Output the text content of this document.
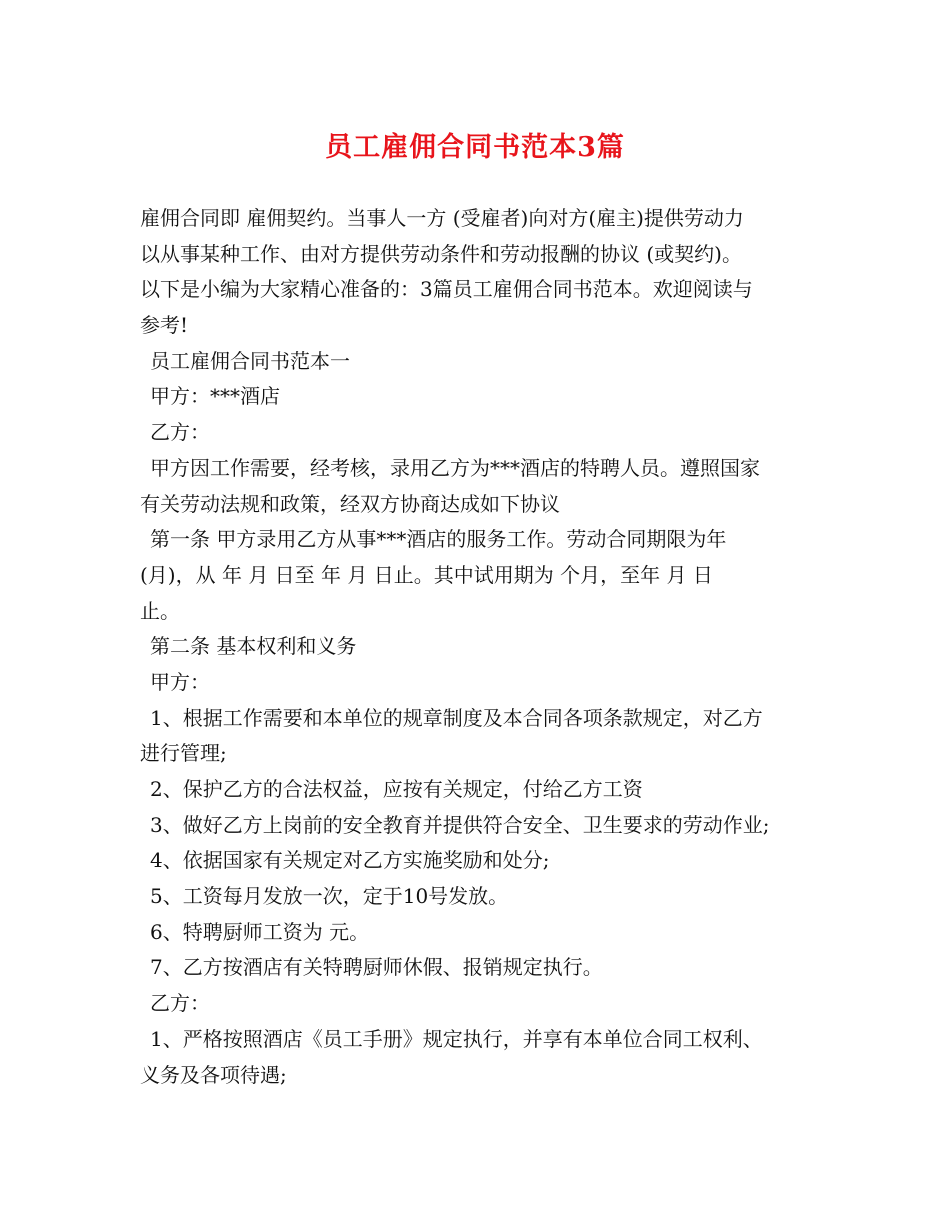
员工雇佣合同书范本3篇
雇佣合同即 雇佣契约。当事人一方 (受雇者)向对方(雇主)提供劳动力
以从事某种工作、由对方提供劳动条件和劳动报酬的协议 (或契约)。
以下是小编为大家精心准备的：3篇员工雇佣合同书范本。欢迎阅读与
参考!
员工雇佣合同书范本一
甲方：***酒店
乙方：
甲方因工作需要，经考核，录用乙方为***酒店的特聘人员。遵照国家
有关劳动法规和政策，经双方协商达成如下协议
第一条 甲方录用乙方从事***酒店的服务工作。劳动合同期限为年
(月)，从 年 月 日至 年 月 日止。其中试用期为 个月，至年 月 日
止。
第二条 基本权利和义务
甲方：
1、根据工作需要和本单位的规章制度及本合同各项条款规定，对乙方
进行管理;
2、保护乙方的合法权益，应按有关规定，付给乙方工资
3、做好乙方上岗前的安全教育并提供符合安全、卫生要求的劳动作业;
4、依据国家有关规定对乙方实施奖励和处分;
5、工资每月发放一次，定于10号发放。
6、特聘厨师工资为 元。
7、乙方按酒店有关特聘厨师休假、报销规定执行。
乙方：
1、严格按照酒店《员工手册》规定执行，并享有本单位合同工权利、
义务及各项待遇;
